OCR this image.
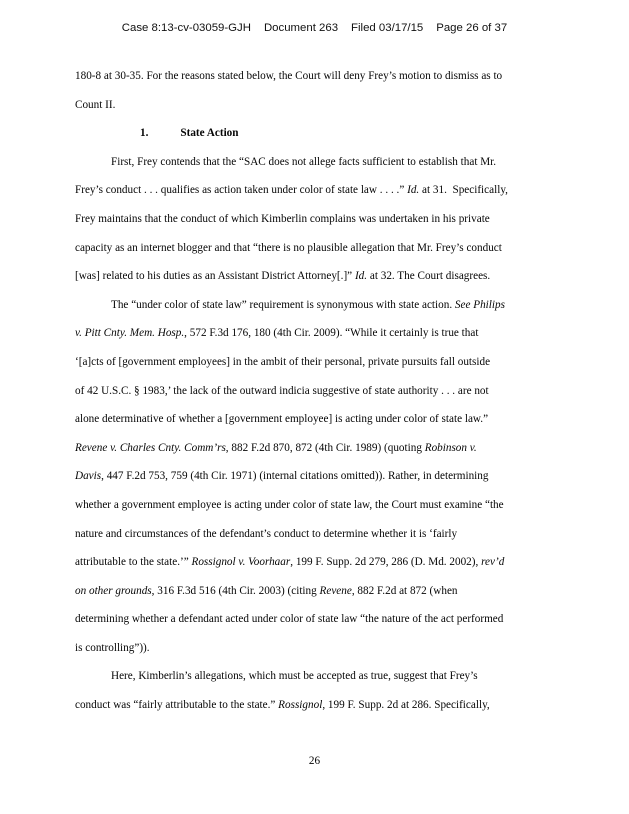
Case 8:13-cv-03059-GJH Document 263 Filed 03/17/15 Page 26 of 37
180-8 at 30-35. For the reasons stated below, the Court will deny Frey’s motion to dismiss as to
Count II.
1.	State Action
First, Frey contends that the “SAC does not allege facts sufficient to establish that Mr.
Frey’s conduct . . . qualifies as action taken under color of state law . . . .” Id. at 31.  Specifically,
Frey maintains that the conduct of which Kimberlin complains was undertaken in his private
capacity as an internet blogger and that “there is no plausible allegation that Mr. Frey’s conduct
[was] related to his duties as an Assistant District Attorney[.]” Id. at 32. The Court disagrees.
The “under color of state law” requirement is synonymous with state action. See Philips
v. Pitt Cnty. Mem. Hosp., 572 F.3d 176, 180 (4th Cir. 2009). “While it certainly is true that
‘[a]cts of [government employees] in the ambit of their personal, private pursuits fall outside
of 42 U.S.C. § 1983,’ the lack of the outward indicia suggestive of state authority . . . are not
alone determinative of whether a [government employee] is acting under color of state law.”
Revene v. Charles Cnty. Comm’rs, 882 F.2d 870, 872 (4th Cir. 1989) (quoting Robinson v.
Davis, 447 F.2d 753, 759 (4th Cir. 1971) (internal citations omitted)). Rather, in determining
whether a government employee is acting under color of state law, the Court must examine “the
nature and circumstances of the defendant’s conduct to determine whether it is ‘fairly
attributable to the state.’” Rossignol v. Voorhaar, 199 F. Supp. 2d 279, 286 (D. Md. 2002), rev’d
on other grounds, 316 F.3d 516 (4th Cir. 2003) (citing Revene, 882 F.2d at 872 (when
determining whether a defendant acted under color of state law “the nature of the act performed
is controlling”)).
Here, Kimberlin’s allegations, which must be accepted as true, suggest that Frey’s
conduct was “fairly attributable to the state.” Rossignol, 199 F. Supp. 2d at 286. Specifically,
26
